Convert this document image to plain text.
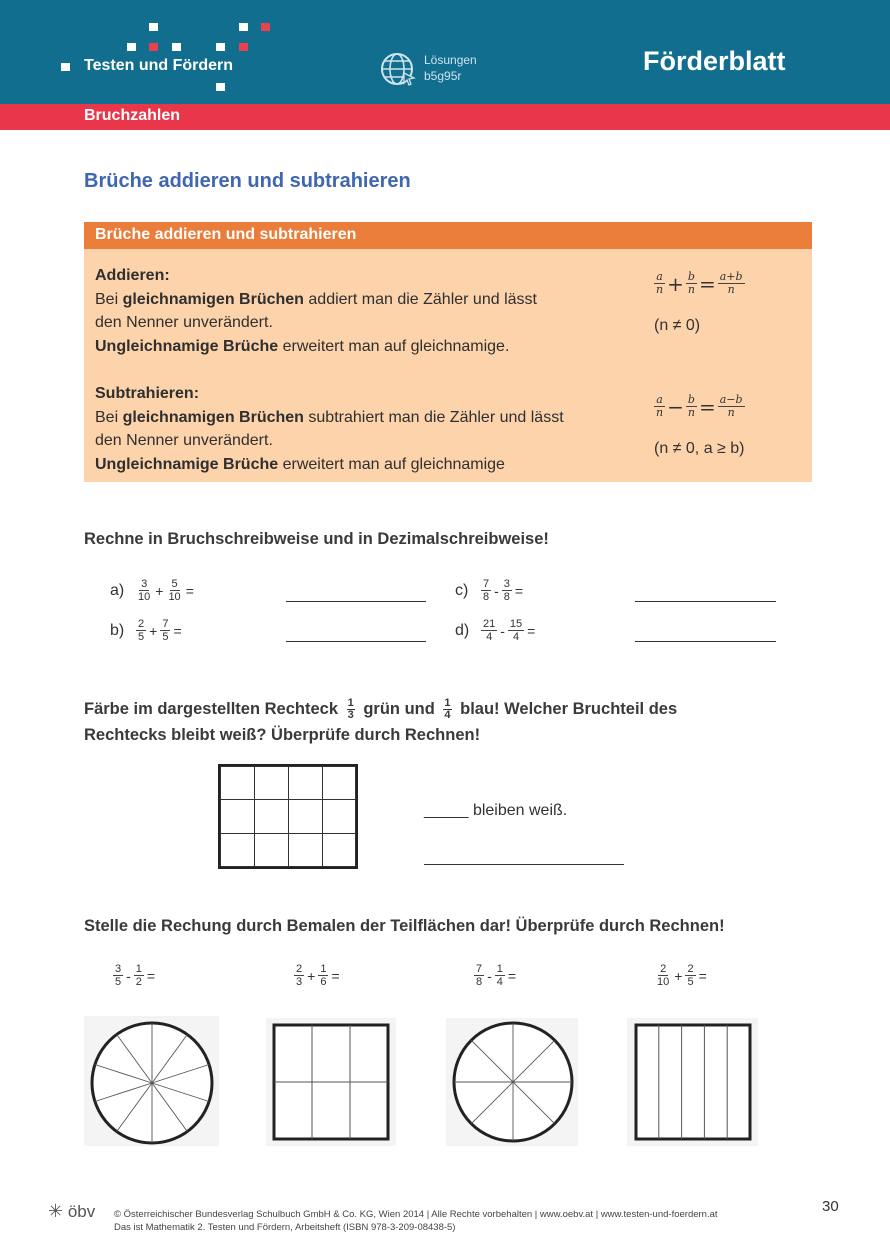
Testen und Fördern	Lösungen
b5g95r	Förderblatt
Bruchzahlen
Brüche addieren und subtrahieren
Brüche addieren und subtrahieren
Addieren:
Bei gleichnamigen Brüchen addiert man die Zähler und lässt
den Nenner unverändert.
Ungleichnamige Brüche erweitert man auf gleichnamige.
$\frac{a}{n} + \frac{b}{n} = \frac{a+b}{n}$
(n ≠ 0)
Subtrahieren:
Bei gleichnamigen Brüchen subtrahiert man die Zähler und lässt
den Nenner unverändert.
Ungleichnamige Brüche erweitert man auf gleichnamige
$\frac{a}{n} - \frac{b}{n} = \frac{a-b}{n}$
(n ≠ 0, a ≥ b)
Rechne in Bruchschreibweise und in Dezimalschreibweise!
a)	$\frac{3}{10} + \frac{5}{10}$ =
b)	$\frac{2}{5} + \frac{7}{5}$ =
c)	$\frac{7}{8} - \frac{3}{8}$ =
d)	$\frac{21}{4} - \frac{15}{4}$ =
Färbe im dargestellten Rechteck $\frac{1}{3}$ grün und $\frac{1}{4}$ blau! Welcher Bruchteil des
Rechtecks bleibt weiß? Überprüfe durch Rechnen!
_____ bleiben weiß.
Stelle die Rechung durch Bemalen der Teilflächen dar! Überprüfe durch Rechnen!
$\frac{3}{5} - \frac{1}{2}$ =	$\frac{2}{3} + \frac{1}{6}$ =	$\frac{7}{8} - \frac{1}{4}$ =	$\frac{2}{10} + \frac{2}{5}$ =
✳ öbv © Österreichischer Bundesverlag Schulbuch GmbH & Co. KG, Wien 2014 | Alle Rechte vorbehalten | www.oebv.at | www.testen-und-foerdern.at
Das ist Mathematik 2. Testen und Fördern, Arbeitsheft (ISBN 978-3-209-08438-5)
30
